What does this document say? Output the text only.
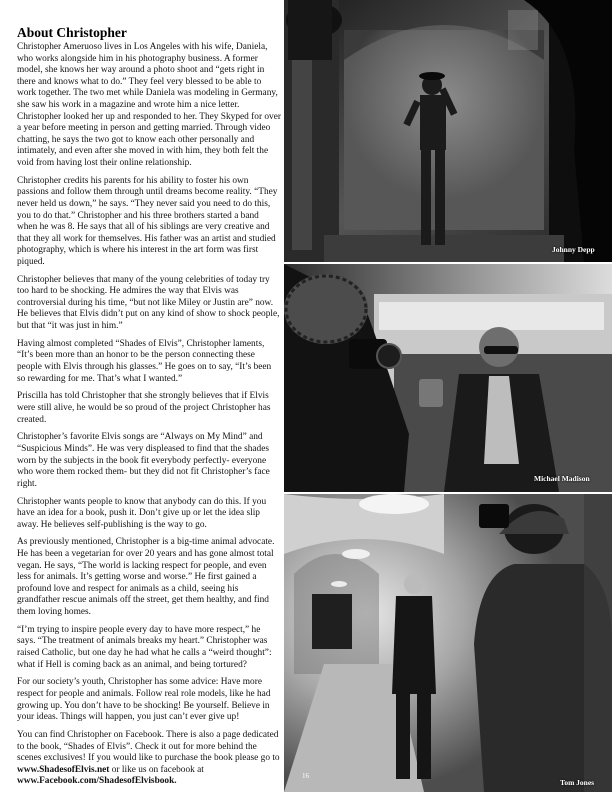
About Christopher

Christopher Ameruoso lives in Los Angeles with his wife, Daniela, who works alongside him in his photography business. A former model, she knows her way around a photo shoot and “gets right in there and knows what to do.” They feel very blessed to be able to work together. The two met while Daniela was modeling in Germany, she saw his work in a magazine and wrote him a nice letter. Christopher looked her up and responded to her. They Skyped for over a year before meeting in person and getting married. Through video chatting, he says the two got to know each other personally and intimately, and even after she moved in with him, they both felt the void from having lost their online relationship.

Christopher credits his parents for his ability to foster his own passions and follow them through until dreams become reality. “They never held us down,” he says. “They never said you need to do this, you to do that.” Christopher and his three brothers started a band when he was 8. He says that all of his siblings are very creative and that they all work for themselves. His father was an artist and studied photography, which is where his interest in the art form was first piqued.

Christopher believes that many of the young celebrities of today try too hard to be shocking. He admires the way that Elvis was controversial during his time, “but not like Miley or Justin are” now. He believes that Elvis didn’t put on any kind of show to shock people, but that “it was just in him.”

Having almost completed “Shades of Elvis”, Christopher laments, “It’s been more than an honor to be the person connecting these people with Elvis through his glasses.” He goes on to say, “It’s been so rewarding for me. That’s what I wanted.”

Priscilla has told Christopher that she strongly believes that if Elvis were still alive, he would be so proud of the project Christopher has created.

Christopher’s favorite Elvis songs are “Always on My Mind” and “Suspicious Minds”. He was very displeased to find that the shades worn by the subjects in the book fit everybody perfectly- everyone who wore them rocked them- but they did not fit Christopher’s face right.

Christopher wants people to know that anybody can do this. If you have an idea for a book, push it. Don’t give up or let the idea slip away. He believes self-publishing is the way to go.

As previously mentioned, Christopher is a big-time animal advocate. He has been a vegetarian for over 20 years and has gone almost total vegan. He says, “The world is lacking respect for people, and even less for animals. It’s getting worse and worse.” He first gained a profound love and respect for animals as a child, seeing his grandfather rescue animals off the street, get them healthy, and find them loving homes.

“I’m trying to inspire people every day to have more respect,” he says. “The treatment of animals breaks my heart.” Christopher was raised Catholic, but one day he had what he calls a “weird thought”: what if Hell is coming back as an animal, and being tortured?

For our society’s youth, Christopher has some advice: Have more respect for people and animals. Follow real role models, like he had growing up. You don’t have to be shocking! Be yourself. Believe in your ideas. Things will happen, you just can’t ever give up!

You can find Christopher on Facebook. There is also a page dedicated to the book, “Shades of Elvis”. Check it out for more behind the scenes exclusives! If you would like to purchase the book please go to www.ShadesofElvis.net or like us on facebook at www.Facebook.com/ShadesofElvisbook.

Johnny Depp
Michael Madison
Tom Jones
16
